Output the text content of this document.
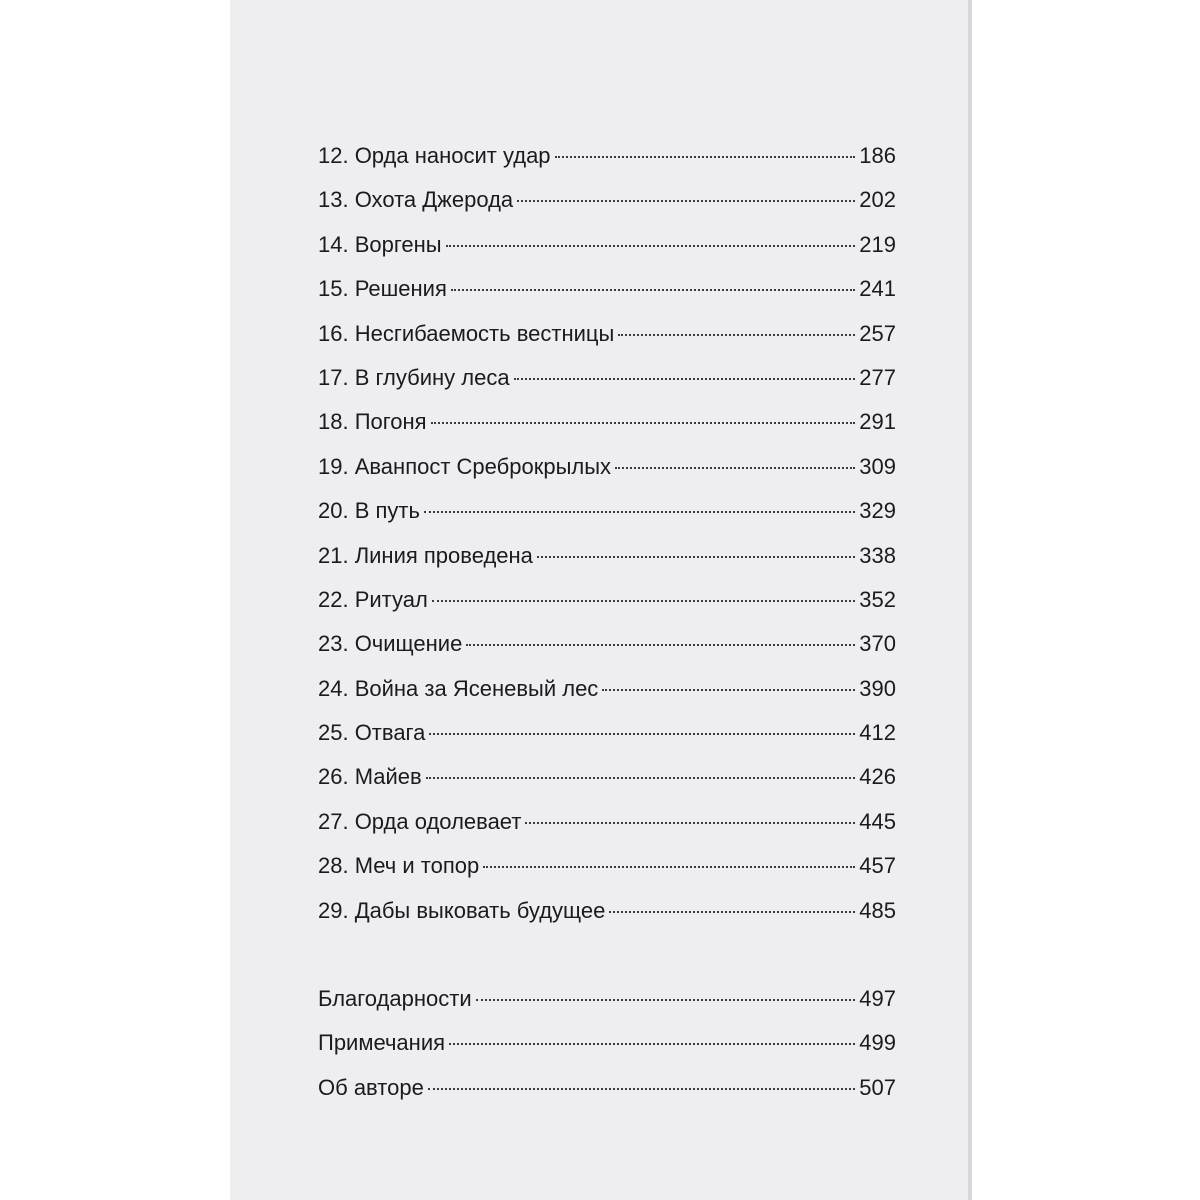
12. Орда наносит удар	186
13. Охота Джерода	202
14. Воргены	219
15. Решения	241
16. Несгибаемость вестницы	257
17. В глубину леса	277
18. Погоня	291
19. Аванпост Среброкрылых	309
20. В путь	329
21. Линия проведена	338
22. Ритуал	352
23. Очищение	370
24. Война за Ясеневый лес	390
25. Отвага	412
26. Майев	426
27. Орда одолевает	445
28. Меч и топор	457
29. Дабы выковать будущее	485
Благодарности	497
Примечания	499
Об авторе	507
